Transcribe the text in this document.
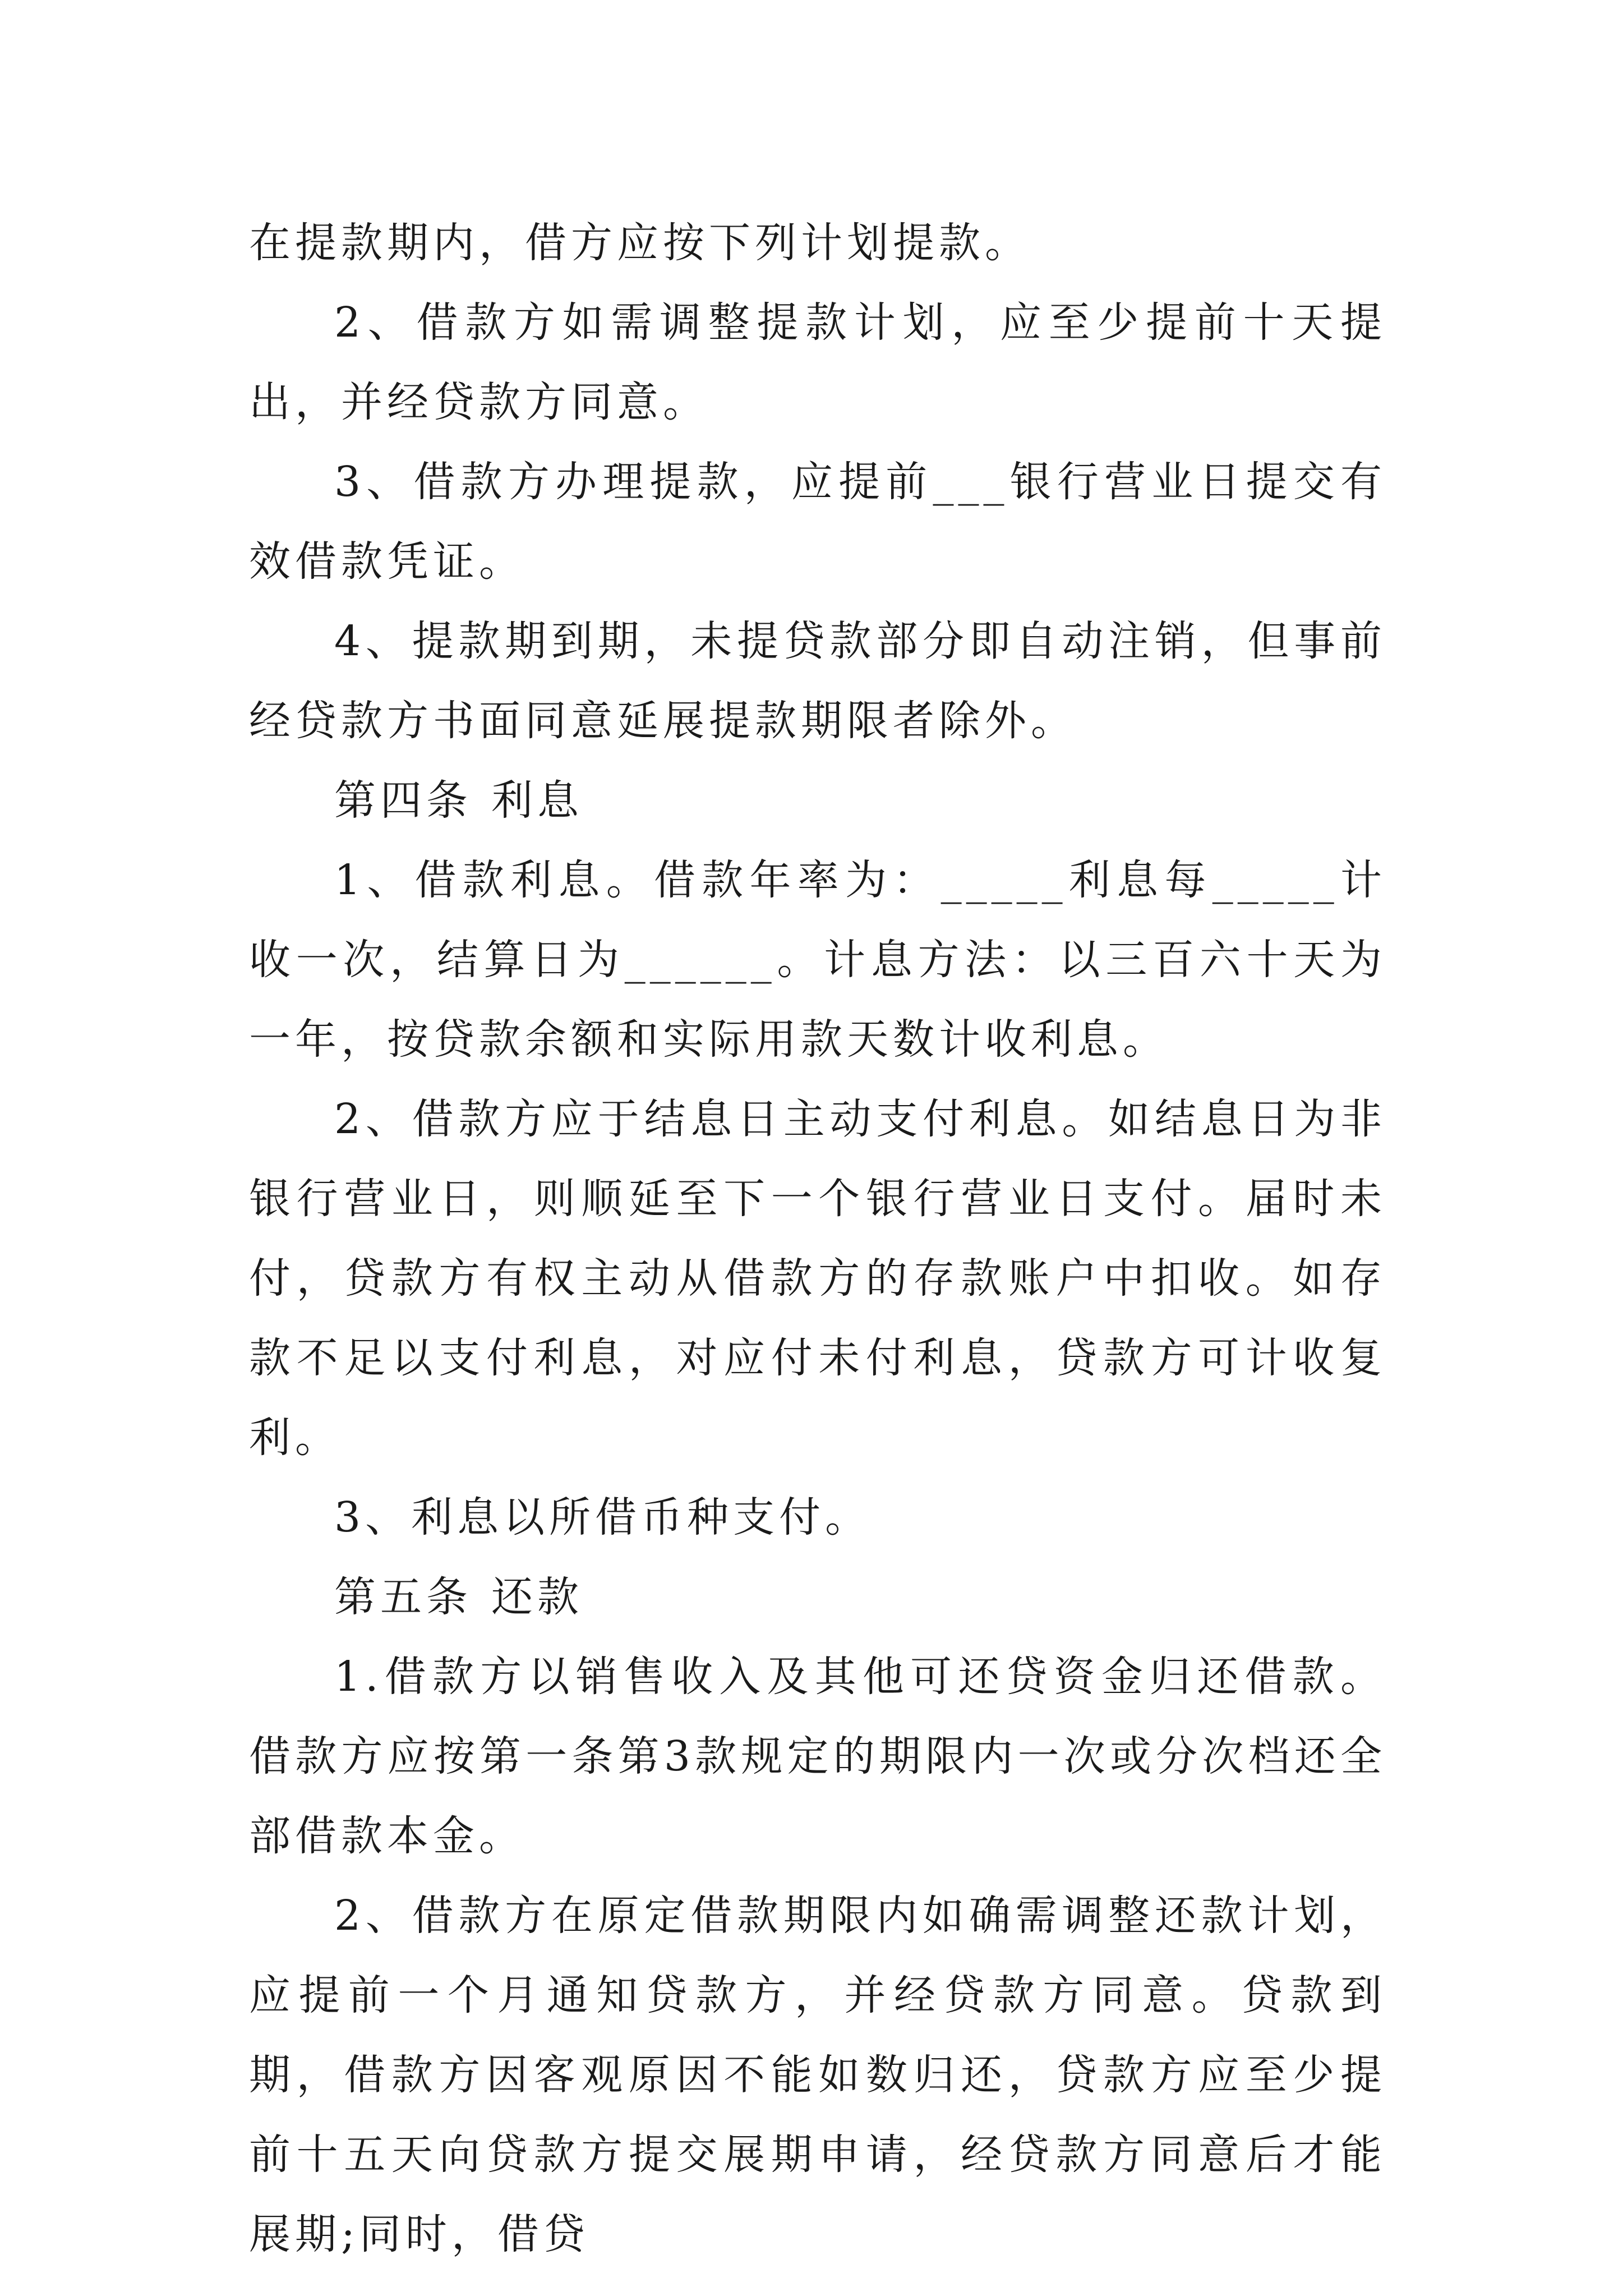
在提款期内，借方应按下列计划提款。

2、借款方如需调整提款计划，应至少提前十天提出，并经贷款方同意。

3、借款方办理提款，应提前___银行营业日提交有效借款凭证。

4、提款期到期，未提贷款部分即自动注销，但事前经贷款方书面同意延展提款期限者除外。

第四条 利息

1、借款利息。借款年率为：_____利息每_____计收一次，结算日为______。计息方法：以三百六十天为一年，按贷款余额和实际用款天数计收利息。

2、借款方应于结息日主动支付利息。如结息日为非银行营业日，则顺延至下一个银行营业日支付。届时未付，贷款方有权主动从借款方的存款账户中扣收。如存款不足以支付利息，对应付未付利息，贷款方可计收复利。

3、利息以所借币种支付。

第五条 还款

1.借款方以销售收入及其他可还贷资金归还借款。借款方应按第一条第3款规定的期限内一次或分次档还全部借款本金。

2、借款方在原定借款期限内如确需调整还款计划，应提前一个月通知贷款方，并经贷款方同意。贷款到期，借款方因客观原因不能如数归还，贷款方应至少提前十五天向贷款方提交展期申请，经贷款方同意后才能展期;同时，借贷
